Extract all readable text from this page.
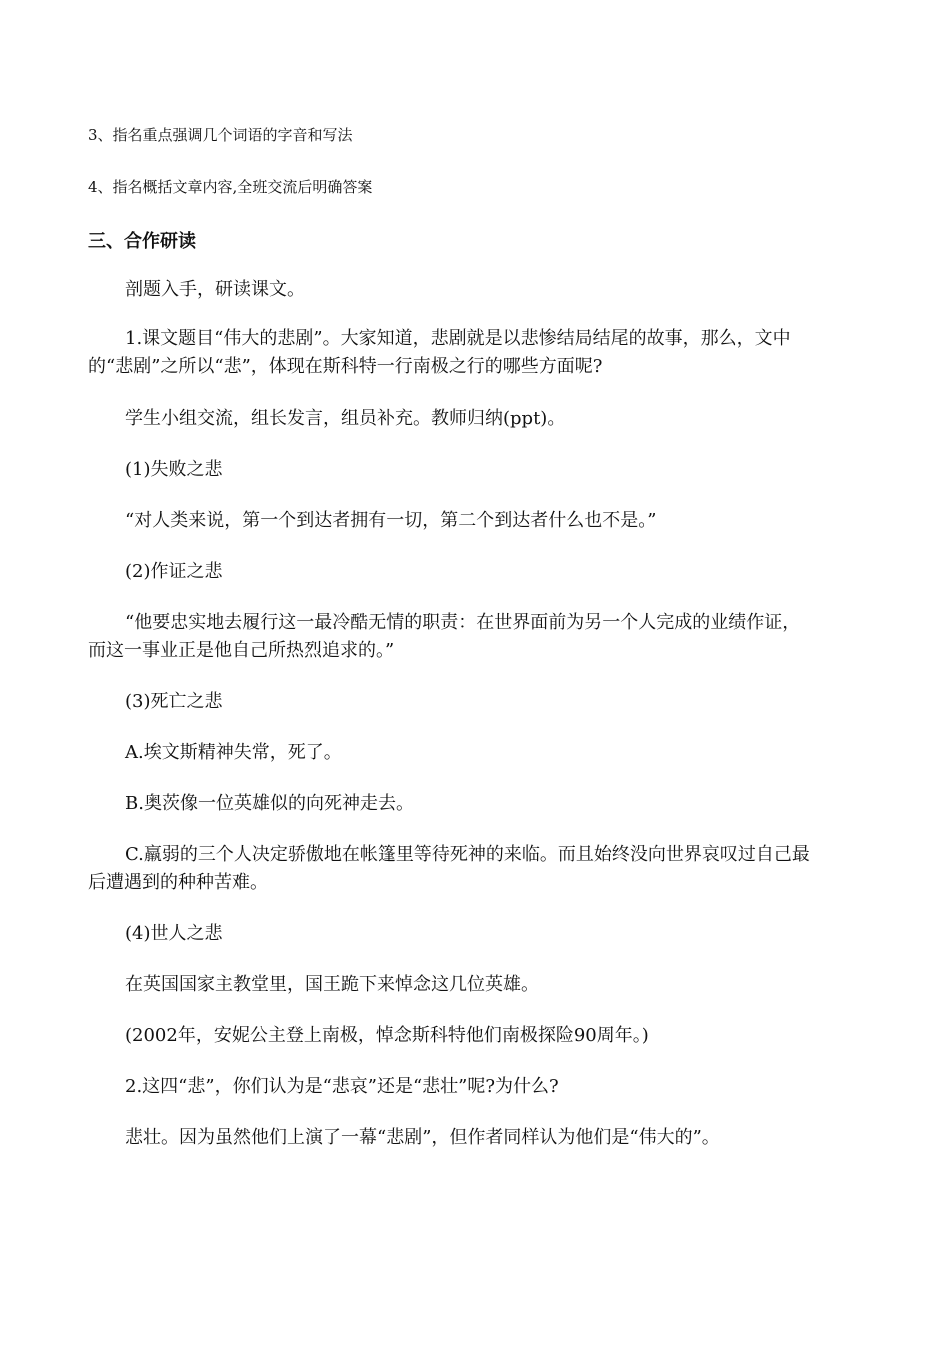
3、指名重点强调几个词语的字音和写法
4、指名概括文章内容,全班交流后明确答案
三、合作研读
剖题入手，研读课文。
1.课文题目“伟大的悲剧”。大家知道，悲剧就是以悲惨结局结尾的故事，那么，文中
的“悲剧”之所以“悲”，体现在斯科特一行南极之行的哪些方面呢?
学生小组交流，组长发言，组员补充。教师归纳(ppt)。
(1)失败之悲
“对人类来说，第一个到达者拥有一切，第二个到达者什么也不是。”
(2)作证之悲
“他要忠实地去履行这一最冷酷无情的职责：在世界面前为另一个人完成的业绩作证，
而这一事业正是他自己所热烈追求的。”
(3)死亡之悲
A.埃文斯精神失常，死了。
B.奥茨像一位英雄似的向死神走去。
C.羸弱的三个人决定骄傲地在帐篷里等待死神的来临。而且始终没向世界哀叹过自己最
后遭遇到的种种苦难。
(4)世人之悲
在英国国家主教堂里，国王跪下来悼念这几位英雄。
(2002年，安妮公主登上南极，悼念斯科特他们南极探险90周年。)
2.这四“悲”，你们认为是“悲哀”还是“悲壮”呢?为什么?
悲壮。因为虽然他们上演了一幕“悲剧”，但作者同样认为他们是“伟大的”。
